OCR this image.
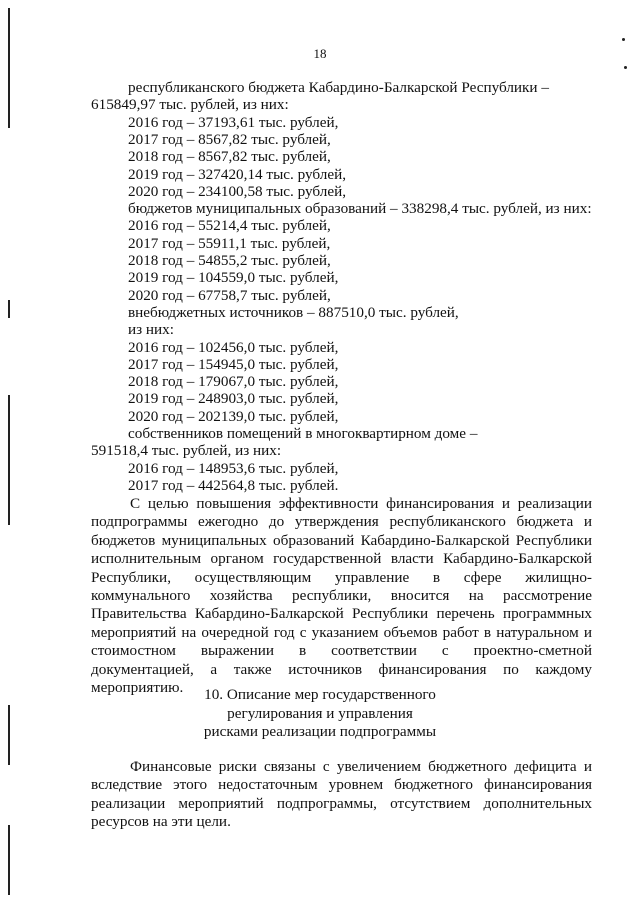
18
республиканского бюджета Кабардино-Балкарской Республики –
615849,97 тыс. рублей, из них:
2016 год – 37193,61 тыс. рублей,
2017 год – 8567,82 тыс. рублей,
2018 год – 8567,82 тыс. рублей,
2019 год – 327420,14 тыс. рублей,
2020 год – 234100,58 тыс. рублей,
бюджетов муниципальных образований – 338298,4 тыс. рублей, из них:
2016 год – 55214,4 тыс. рублей,
2017 год – 55911,1 тыс. рублей,
2018 год – 54855,2 тыс. рублей,
2019 год – 104559,0 тыс. рублей,
2020 год – 67758,7 тыс. рублей,
внебюджетных источников – 887510,0 тыс. рублей,
из них:
2016 год – 102456,0 тыс. рублей,
2017 год – 154945,0 тыс. рублей,
2018 год – 179067,0 тыс. рублей,
2019 год – 248903,0 тыс. рублей,
2020 год – 202139,0 тыс. рублей,
собственников помещений в многоквартирном доме –
591518,4 тыс. рублей, из них:
2016 год – 148953,6 тыс. рублей,
2017 год – 442564,8 тыс. рублей.

С целью повышения эффективности финансирования и реализации подпрограммы ежегодно до утверждения республиканского бюджета и бюджетов муниципальных образований Кабардино-Балкарской Республики исполнительным органом государственной власти Кабардино-Балкарской Республики, осуществляющим управление в сфере жилищно-коммунального хозяйства республики, вносится на рассмотрение Правительства Кабардино-Балкарской Республики перечень программных мероприятий на очередной год с указанием объемов работ в натуральном и стоимостном выражении в соответствии с проектно-сметной документацией, а также источников финансирования по каждому мероприятию.	10. Описание мер государственного
регулирования и управления
рисками реализации подпрограммы

Финансовые риски связаны с увеличением бюджетного дефицита и вследствие этого недостаточным уровнем бюджетного финансирования реализации мероприятий подпрограммы, отсутствием дополнительных ресурсов на эти цели.
